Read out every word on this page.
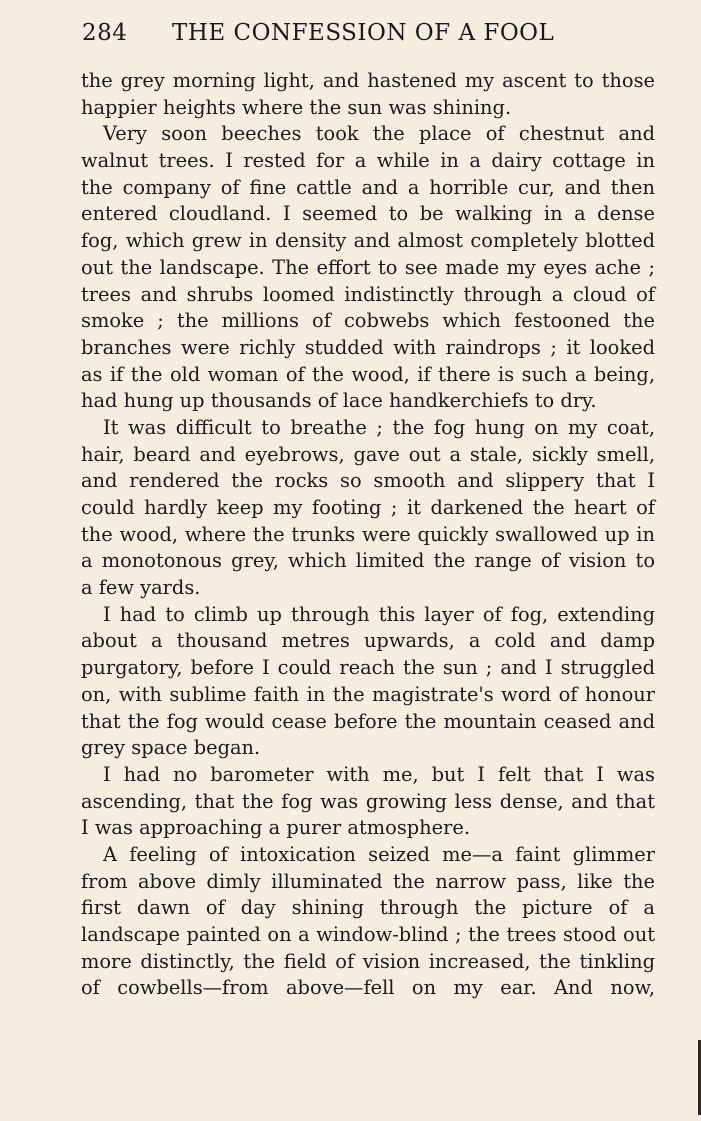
284 THE CONFESSION OF A FOOL
the grey morning light, and hastened my ascent to those
happier heights where the sun was shining.
Very soon beeches took the place of chestnut and
walnut trees. I rested for a while in a dairy cottage in
the company of fine cattle and a horrible cur, and then
entered cloudland. I seemed to be walking in a dense
fog, which grew in density and almost completely blotted
out the landscape. The effort to see made my eyes ache ;
trees and shrubs loomed indistinctly through a cloud of
smoke ; the millions of cobwebs which festooned the
branches were richly studded with raindrops ; it looked
as if the old woman of the wood, if there is such a being,
had hung up thousands of lace handkerchiefs to dry.
It was difficult to breathe ; the fog hung on my coat,
hair, beard and eyebrows, gave out a stale, sickly smell,
and rendered the rocks so smooth and slippery that I
could hardly keep my footing ; it darkened the heart of
the wood, where the trunks were quickly swallowed up in
a monotonous grey, which limited the range of vision to
a few yards.
I had to climb up through this layer of fog, extending
about a thousand metres upwards, a cold and damp
purgatory, before I could reach the sun ; and I struggled
on, with sublime faith in the magistrate's word of honour
that the fog would cease before the mountain ceased and
grey space began.
I had no barometer with me, but I felt that I was
ascending, that the fog was growing less dense, and that
I was approaching a purer atmosphere.
A feeling of intoxication seized me—a faint glimmer
from above dimly illuminated the narrow pass, like the
first dawn of day shining through the picture of a
landscape painted on a window-blind ; the trees stood out
more distinctly, the field of vision increased, the tinkling
of cowbells—from above—fell on my ear. And now,
